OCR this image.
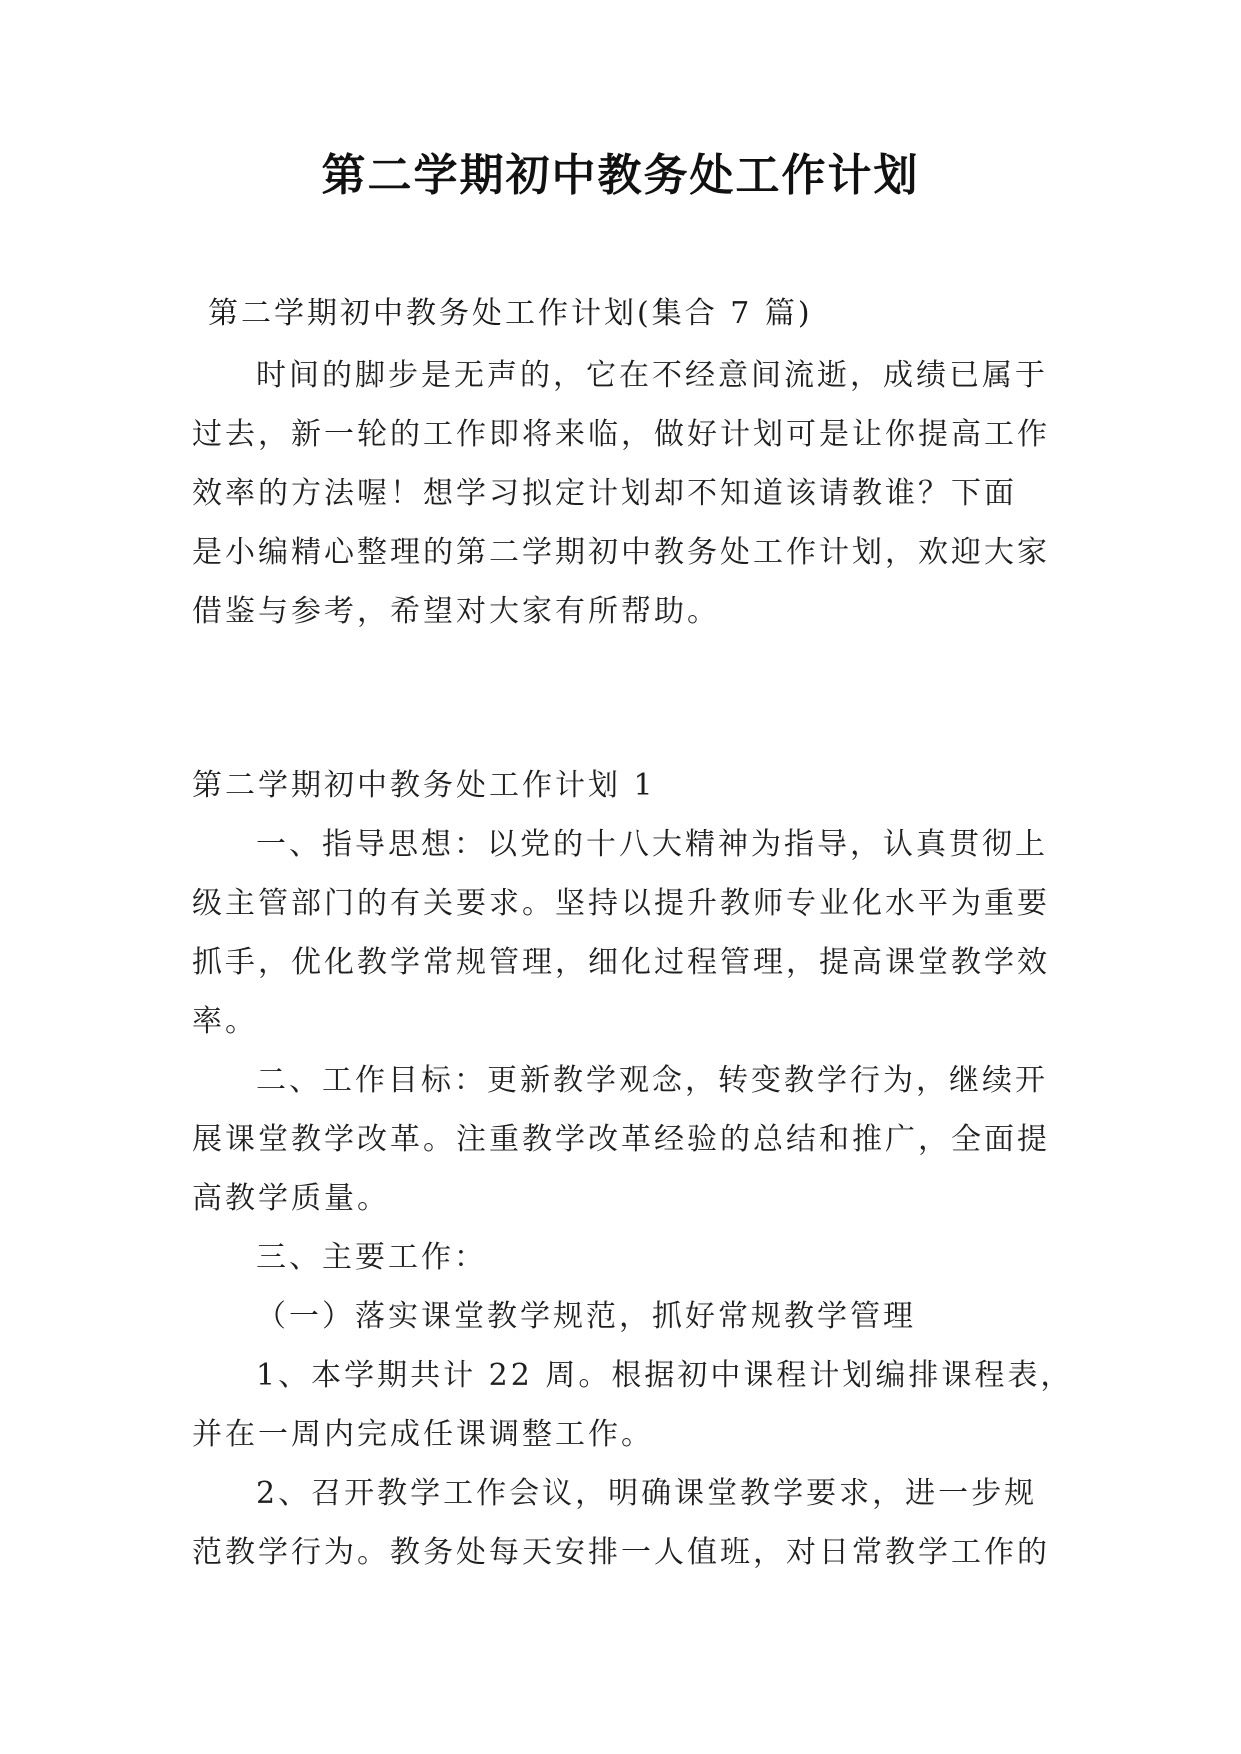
第二学期初中教务处工作计划
第二学期初中教务处工作计划(集合 7 篇)
时间的脚步是无声的，它在不经意间流逝，成绩已属于
过去，新一轮的工作即将来临，做好计划可是让你提高工作
效率的方法喔！想学习拟定计划却不知道该请教谁？下面
是小编精心整理的第二学期初中教务处工作计划，欢迎大家
借鉴与参考，希望对大家有所帮助。
第二学期初中教务处工作计划 1
一、指导思想：以党的十八大精神为指导，认真贯彻上
级主管部门的有关要求。坚持以提升教师专业化水平为重要
抓手，优化教学常规管理，细化过程管理，提高课堂教学效
率。
二、工作目标：更新教学观念，转变教学行为，继续开
展课堂教学改革。注重教学改革经验的总结和推广，全面提
高教学质量。
三、主要工作：
（一）落实课堂教学规范，抓好常规教学管理
1、本学期共计 22 周。根据初中课程计划编排课程表，
并在一周内完成任课调整工作。
2、召开教学工作会议，明确课堂教学要求，进一步规
范教学行为。教务处每天安排一人值班，对日常教学工作的
